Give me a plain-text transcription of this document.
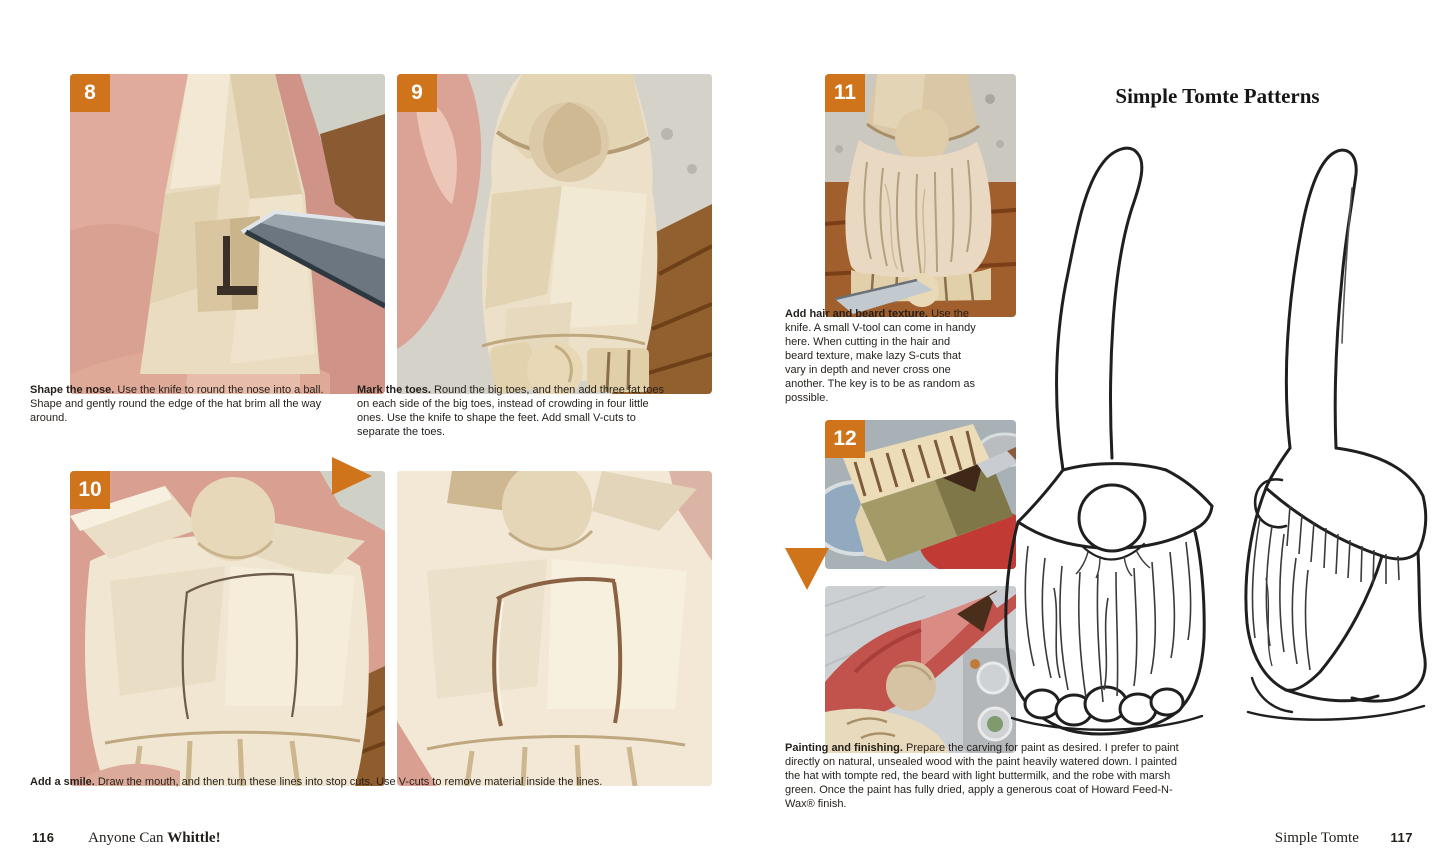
8	9

Shape the nose. Use the knife to round the nose into a ball. Shape and gently round the edge of the hat brim all the way around.

Mark the toes. Round the big toes, and then add three fat toes on each side of the big toes, instead of crowding in four little ones. Use the knife to shape the feet. Add small V-cuts to separate the toes.

10

Add a smile. Draw the mouth, and then turn these lines into stop cuts. Use V-cuts to remove material inside the lines.

116 Anyone Can Whittle!
11

Add hair and beard texture. Use the knife. A small V-tool can come in handy here. When cutting in the hair and beard texture, make lazy S-cuts that vary in depth and never cross one another. The key is to be as random as possible.

12

Painting and finishing. Prepare the carving for paint as desired. I prefer to paint directly on natural, unsealed wood with the paint heavily watered down. I painted the hat with tompte red, the beard with light buttermilk, and the robe with marsh green. Once the paint has fully dried, apply a generous coat of Howard Feed-N-Wax® finish.

Simple Tomte Patterns
Simple Tomte 117
